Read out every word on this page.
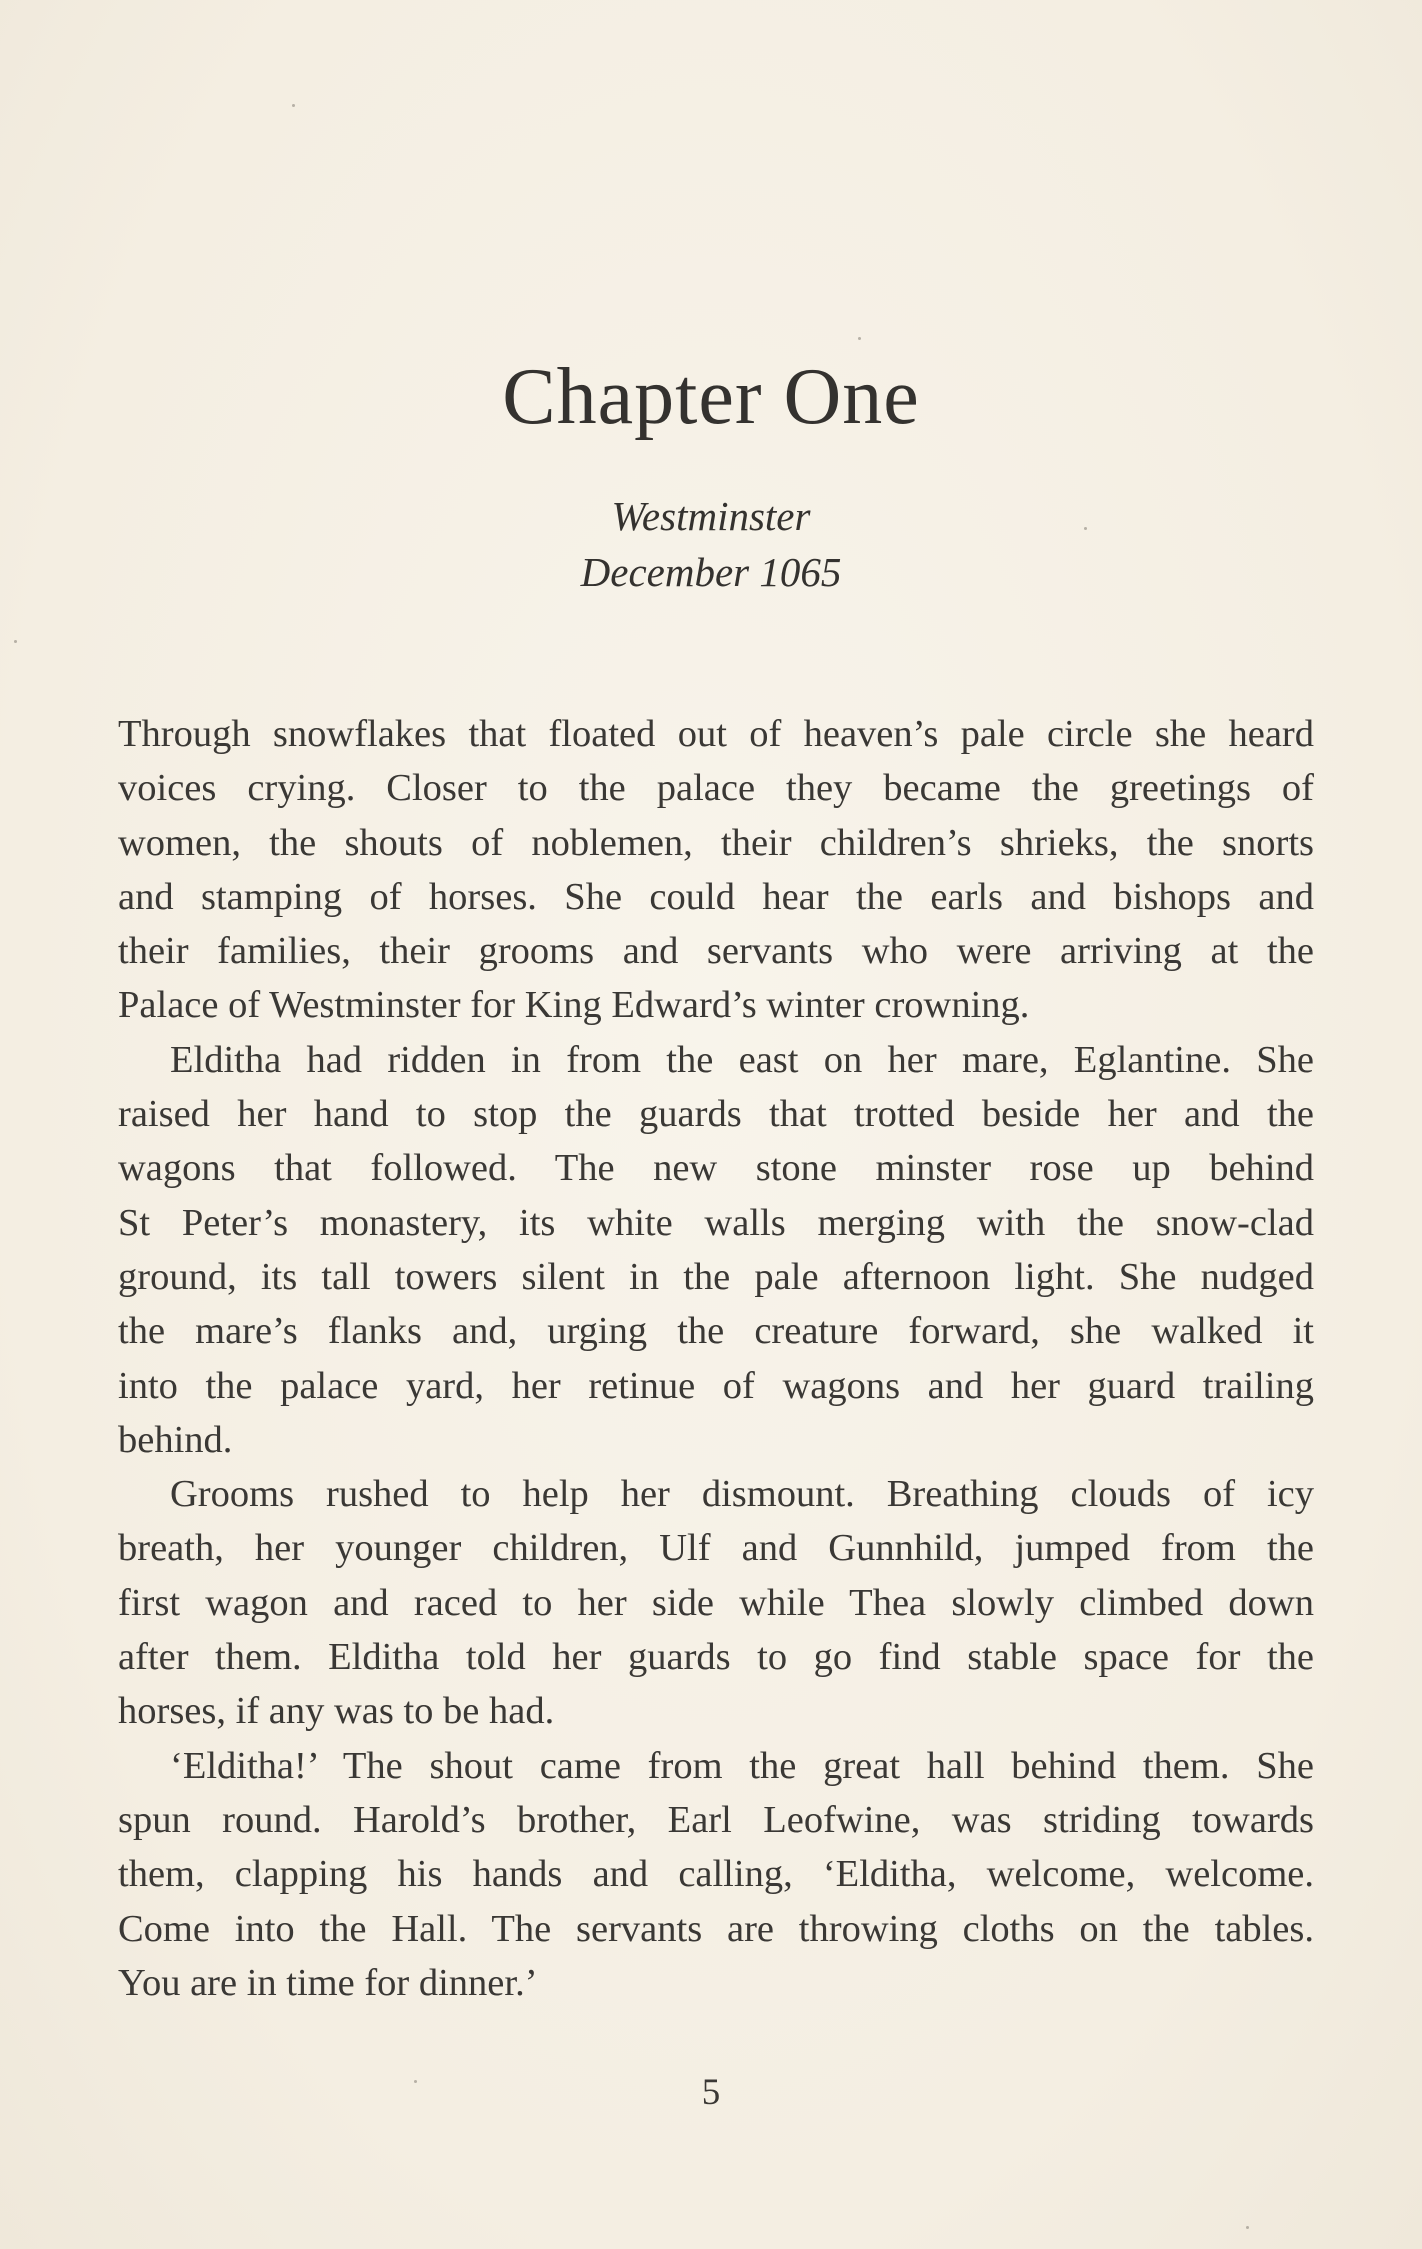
Chapter One
Westminster
December 1065

Through snowflakes that floated out of heaven’s pale circle she heard
voices crying. Closer to the palace they became the greetings of
women, the shouts of noblemen, their children’s shrieks, the snorts
and stamping of horses. She could hear the earls and bishops and
their families, their grooms and servants who were arriving at the
Palace of Westminster for King Edward’s winter crowning.

Elditha had ridden in from the east on her mare, Eglantine. She
raised her hand to stop the guards that trotted beside her and the
wagons that followed. The new stone minster rose up behind
St Peter’s monastery, its white walls merging with the snow-clad
ground, its tall towers silent in the pale afternoon light. She nudged
the mare’s flanks and, urging the creature forward, she walked it
into the palace yard, her retinue of wagons and her guard trailing
behind.

Grooms rushed to help her dismount. Breathing clouds of icy
breath, her younger children, Ulf and Gunnhild, jumped from the
first wagon and raced to her side while Thea slowly climbed down
after them. Elditha told her guards to go find stable space for the
horses, if any was to be had.

‘Elditha!’ The shout came from the great hall behind them. She
spun round. Harold’s brother, Earl Leofwine, was striding towards
them, clapping his hands and calling, ‘Elditha, welcome, welcome.
Come into the Hall. The servants are throwing cloths on the tables.
You are in time for dinner.’

5
